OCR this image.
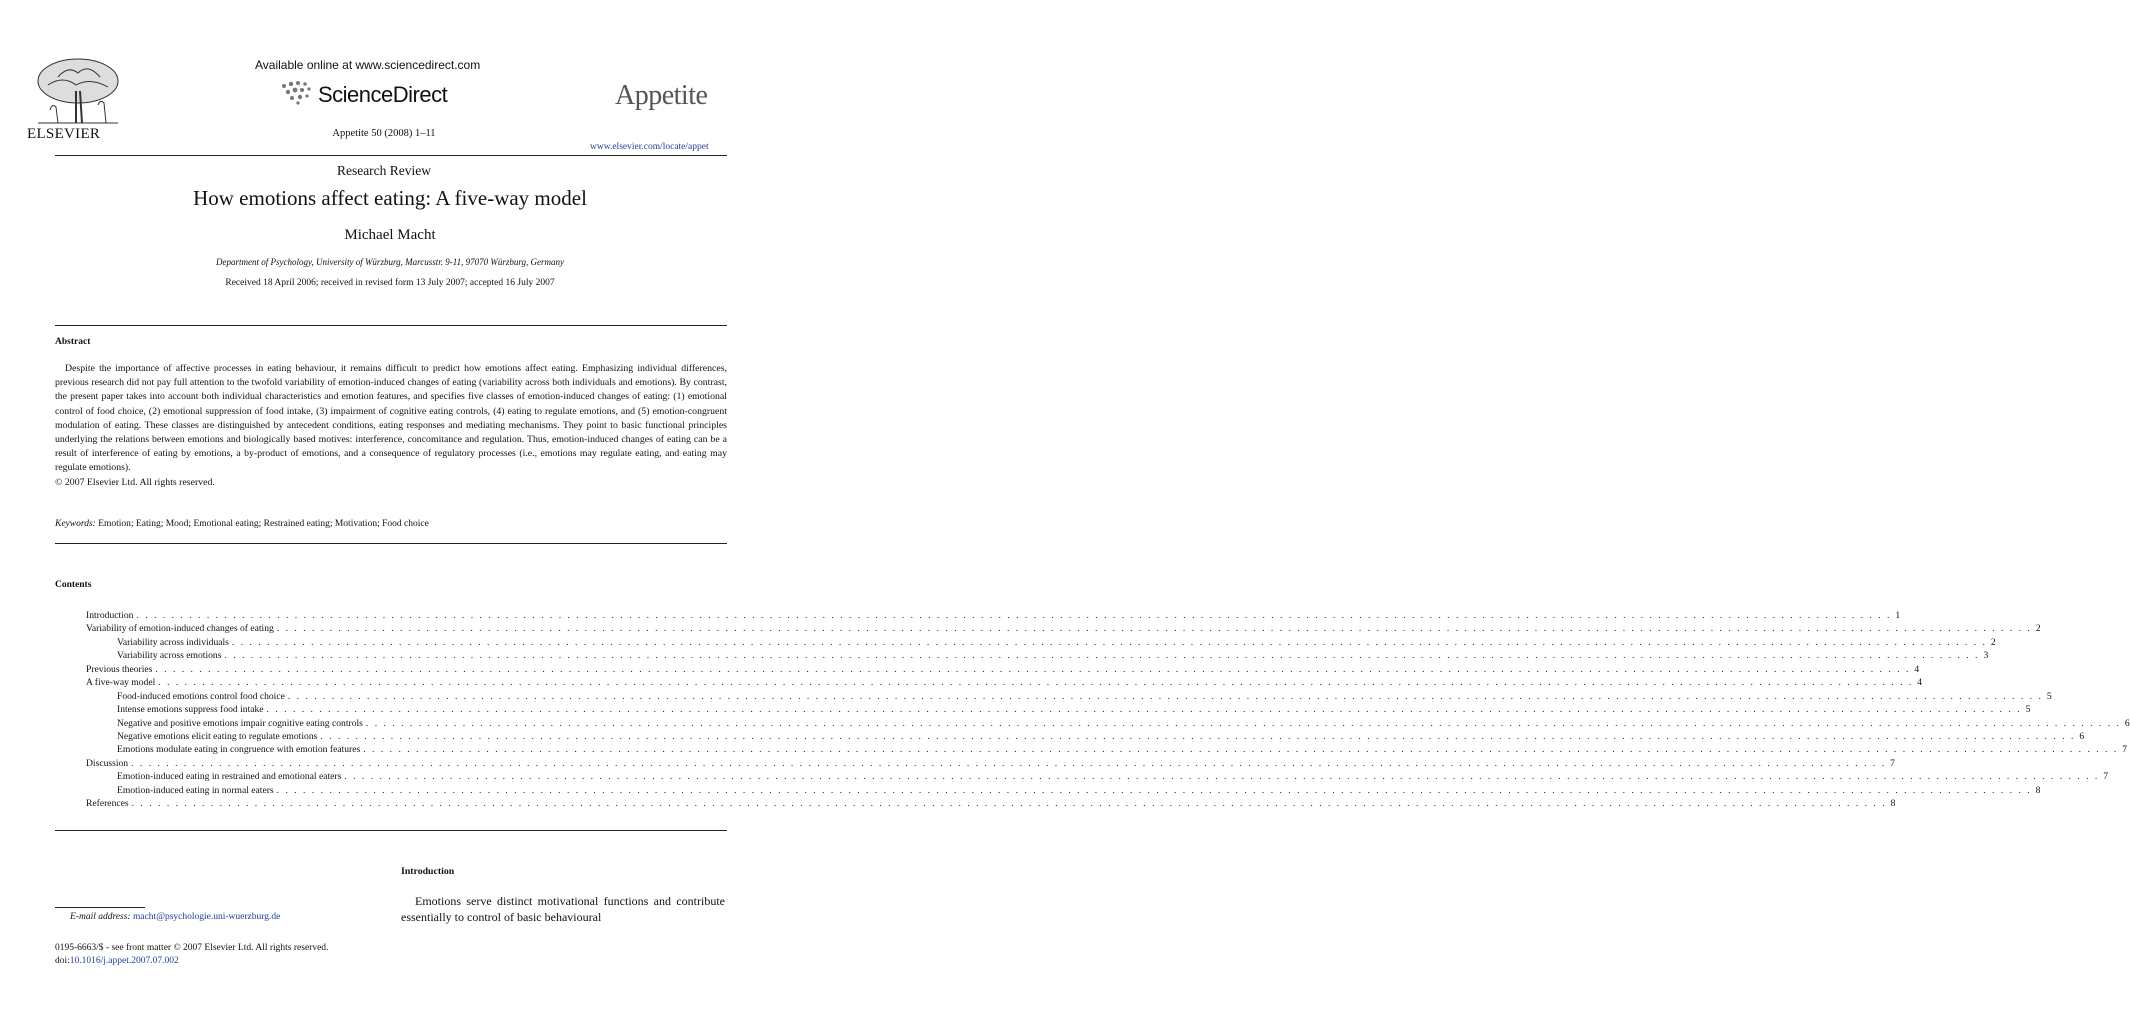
ELSEVIER
Available online at www.sciencedirect.com
ScienceDirect
Appetite 50 (2008) 1–11
Appetite
www.elsevier.com/locate/appet
Research Review
How emotions affect eating: A five-way model
Michael Macht
Department of Psychology, University of Würzburg, Marcusstr. 9-11, 97070 Würzburg, Germany
Received 18 April 2006; received in revised form 13 July 2007; accepted 16 July 2007
Abstract
Despite the importance of affective processes in eating behaviour, it remains difficult to predict how emotions affect eating. Emphasizing individual differences, previous research did not pay full attention to the twofold variability of emotion-induced changes of eating (variability across both individuals and emotions). By contrast, the present paper takes into account both individual characteristics and emotion features, and specifies five classes of emotion-induced changes of eating: (1) emotional control of food choice, (2) emotional suppression of food intake, (3) impairment of cognitive eating controls, (4) eating to regulate emotions, and (5) emotion-congruent modulation of eating. These classes are distinguished by antecedent conditions, eating responses and mediating mechanisms. They point to basic functional principles underlying the relations between emotions and biologically based motives: interference, concomitance and regulation. Thus, emotion-induced changes of eating can be a result of interference of eating by emotions, a by-product of emotions, and a consequence of regulatory processes (i.e., emotions may regulate eating, and eating may regulate emotions).
© 2007 Elsevier Ltd. All rights reserved.
Keywords: Emotion; Eating; Mood; Emotional eating; Restrained eating; Motivation; Food choice
Contents
Introduction . . . . . . . . . . . . . . . . . . . . . . . . . . . . . . . . . . . . . . . . . . . . . . . . . . . . . . . . . . . . . . . . . . . . . . . . . . . . . . . . . . . . . . . . . . . . . . . . . . . . . . . . . . . . . . . . . . . . . . . . . . . . . . . . . . . . . . . . . . . . . . . . . . . . . . . . . . . . . . . . . . . . . . . . . . . . . . . . . . . . . . . . . . . . . . . . . . . . . . . . 1
Variability of emotion-induced changes of eating . . . . . . . . . . . . . . . . . . . . . . . . . . . . . . . . . . . . . . . . . . . . . . . . . . . . . . . . . . . . . . . . . . . . . . . . . . . . . . . . . . . . . . . . . . . . . . . . . . . . . . . . . . . . . . . . . . . . . . . . . . . . . . . . . . . . . . . . . . . . . . . . . . . . . . . . . . . . . . . . . . . . . . . . . . . . . . . . . . . . . . . . . . . . . . . . . . . . . . . . 2
Variability across individuals . . . . . . . . . . . . . . . . . . . . . . . . . . . . . . . . . . . . . . . . . . . . . . . . . . . . . . . . . . . . . . . . . . . . . . . . . . . . . . . . . . . . . . . . . . . . . . . . . . . . . . . . . . . . . . . . . . . . . . . . . . . . . . . . . . . . . . . . . . . . . . . . . . . . . . . . . . . . . . . . . . . . . . . . . . . . . . . . . . . . . . . . . . . . . . . . . . . . . . . . 2
Variability across emotions . . . . . . . . . . . . . . . . . . . . . . . . . . . . . . . . . . . . . . . . . . . . . . . . . . . . . . . . . . . . . . . . . . . . . . . . . . . . . . . . . . . . . . . . . . . . . . . . . . . . . . . . . . . . . . . . . . . . . . . . . . . . . . . . . . . . . . . . . . . . . . . . . . . . . . . . . . . . . . . . . . . . . . . . . . . . . . . . . . . . . . . . . . . . . . . . . . . . . . . . 3
Previous theories . . . . . . . . . . . . . . . . . . . . . . . . . . . . . . . . . . . . . . . . . . . . . . . . . . . . . . . . . . . . . . . . . . . . . . . . . . . . . . . . . . . . . . . . . . . . . . . . . . . . . . . . . . . . . . . . . . . . . . . . . . . . . . . . . . . . . . . . . . . . . . . . . . . . . . . . . . . . . . . . . . . . . . . . . . . . . . . . . . . . . . . . . . . . . . . . . . . . . . . . 4
A five-way model . . . . . . . . . . . . . . . . . . . . . . . . . . . . . . . . . . . . . . . . . . . . . . . . . . . . . . . . . . . . . . . . . . . . . . . . . . . . . . . . . . . . . . . . . . . . . . . . . . . . . . . . . . . . . . . . . . . . . . . . . . . . . . . . . . . . . . . . . . . . . . . . . . . . . . . . . . . . . . . . . . . . . . . . . . . . . . . . . . . . . . . . . . . . . . . . . . . . . . . . 4
Food-induced emotions control food choice . . . . . . . . . . . . . . . . . . . . . . . . . . . . . . . . . . . . . . . . . . . . . . . . . . . . . . . . . . . . . . . . . . . . . . . . . . . . . . . . . . . . . . . . . . . . . . . . . . . . . . . . . . . . . . . . . . . . . . . . . . . . . . . . . . . . . . . . . . . . . . . . . . . . . . . . . . . . . . . . . . . . . . . . . . . . . . . . . . . . . . . . . . . . . . . . . . . . . . . . 5
Intense emotions suppress food intake . . . . . . . . . . . . . . . . . . . . . . . . . . . . . . . . . . . . . . . . . . . . . . . . . . . . . . . . . . . . . . . . . . . . . . . . . . . . . . . . . . . . . . . . . . . . . . . . . . . . . . . . . . . . . . . . . . . . . . . . . . . . . . . . . . . . . . . . . . . . . . . . . . . . . . . . . . . . . . . . . . . . . . . . . . . . . . . . . . . . . . . . . . . . . . . . . . . . . . . . 5
Negative and positive emotions impair cognitive eating controls . . . . . . . . . . . . . . . . . . . . . . . . . . . . . . . . . . . . . . . . . . . . . . . . . . . . . . . . . . . . . . . . . . . . . . . . . . . . . . . . . . . . . . . . . . . . . . . . . . . . . . . . . . . . . . . . . . . . . . . . . . . . . . . . . . . . . . . . . . . . . . . . . . . . . . . . . . . . . . . . . . . . . . . . . . . . . . . . . . . . . . . . . . . . . . . . . . . . . . . . 6
Negative emotions elicit eating to regulate emotions . . . . . . . . . . . . . . . . . . . . . . . . . . . . . . . . . . . . . . . . . . . . . . . . . . . . . . . . . . . . . . . . . . . . . . . . . . . . . . . . . . . . . . . . . . . . . . . . . . . . . . . . . . . . . . . . . . . . . . . . . . . . . . . . . . . . . . . . . . . . . . . . . . . . . . . . . . . . . . . . . . . . . . . . . . . . . . . . . . . . . . . . . . . . . . . . . . . . . . . . 6
Emotions modulate eating in congruence with emotion features . . . . . . . . . . . . . . . . . . . . . . . . . . . . . . . . . . . . . . . . . . . . . . . . . . . . . . . . . . . . . . . . . . . . . . . . . . . . . . . . . . . . . . . . . . . . . . . . . . . . . . . . . . . . . . . . . . . . . . . . . . . . . . . . . . . . . . . . . . . . . . . . . . . . . . . . . . . . . . . . . . . . . . . . . . . . . . . . . . . . . . . . . . . . . . . . . . . . . . . . 7
Discussion . . . . . . . . . . . . . . . . . . . . . . . . . . . . . . . . . . . . . . . . . . . . . . . . . . . . . . . . . . . . . . . . . . . . . . . . . . . . . . . . . . . . . . . . . . . . . . . . . . . . . . . . . . . . . . . . . . . . . . . . . . . . . . . . . . . . . . . . . . . . . . . . . . . . . . . . . . . . . . . . . . . . . . . . . . . . . . . . . . . . . . . . . . . . . . . . . . . . . . . . 7
Emotion-induced eating in restrained and emotional eaters . . . . . . . . . . . . . . . . . . . . . . . . . . . . . . . . . . . . . . . . . . . . . . . . . . . . . . . . . . . . . . . . . . . . . . . . . . . . . . . . . . . . . . . . . . . . . . . . . . . . . . . . . . . . . . . . . . . . . . . . . . . . . . . . . . . . . . . . . . . . . . . . . . . . . . . . . . . . . . . . . . . . . . . . . . . . . . . . . . . . . . . . . . . . . . . . . . . . . . . . 7
Emotion-induced eating in normal eaters . . . . . . . . . . . . . . . . . . . . . . . . . . . . . . . . . . . . . . . . . . . . . . . . . . . . . . . . . . . . . . . . . . . . . . . . . . . . . . . . . . . . . . . . . . . . . . . . . . . . . . . . . . . . . . . . . . . . . . . . . . . . . . . . . . . . . . . . . . . . . . . . . . . . . . . . . . . . . . . . . . . . . . . . . . . . . . . . . . . . . . . . . . . . . . . . . . . . . . . . 8
References . . . . . . . . . . . . . . . . . . . . . . . . . . . . . . . . . . . . . . . . . . . . . . . . . . . . . . . . . . . . . . . . . . . . . . . . . . . . . . . . . . . . . . . . . . . . . . . . . . . . . . . . . . . . . . . . . . . . . . . . . . . . . . . . . . . . . . . . . . . . . . . . . . . . . . . . . . . . . . . . . . . . . . . . . . . . . . . . . . . . . . . . . . . . . . . . . . . . . . . . 8
Introduction
Emotions serve distinct motivational functions and contribute essentially to control of basic behavioural
E-mail address: macht@psychologie.uni-wuerzburg.de
0195-6663/$ - see front matter © 2007 Elsevier Ltd. All rights reserved.
doi:10.1016/j.appet.2007.07.002
